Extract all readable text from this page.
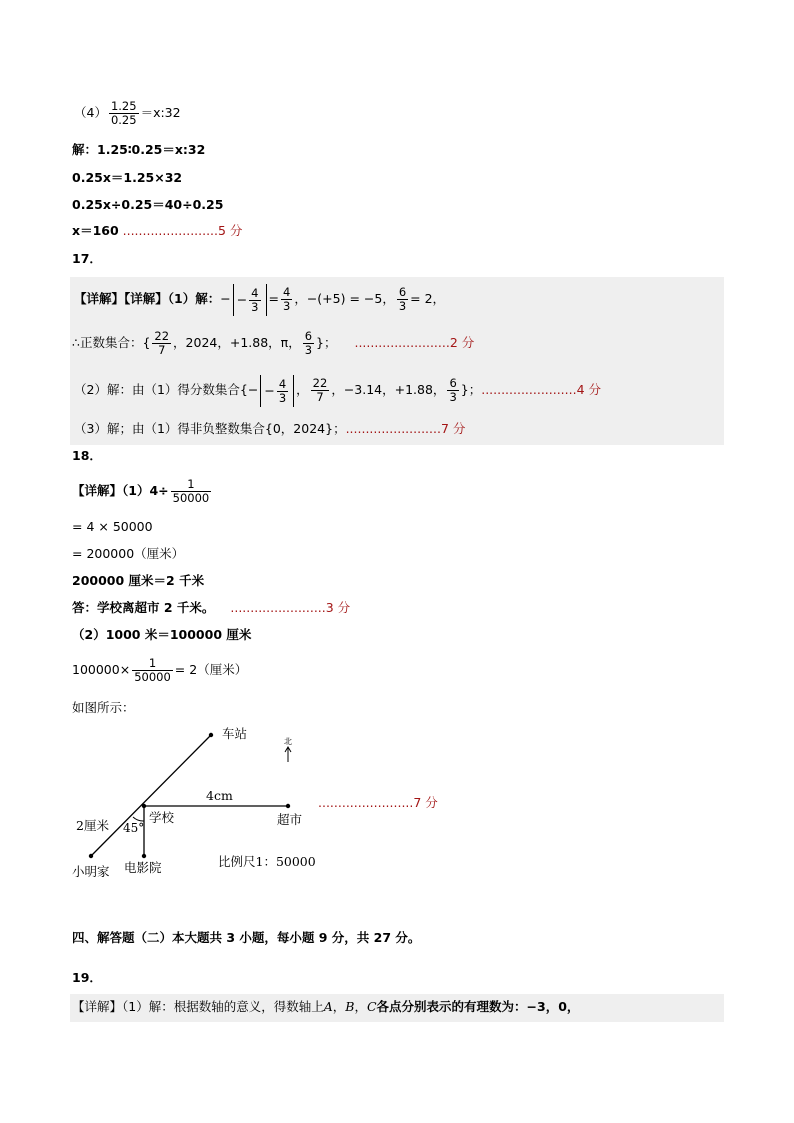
$(4) \frac{1.25}{0.25}$ ＝x:32
解：1.25∶0.25＝x:32
0.25x＝1.25×32
0.25x÷0.25＝40÷0.25
x＝160 ........................5 分
17．
【详解】【详解】（1）解：− − $\frac{4}{3} = \frac{4}{3}$ ，−(+5) = −5， $\frac{6}{3} = 2$，
∴正数集合：{ $\frac{22}{7}$ ，2024，+1.88，π， $\frac{6}{3}$ }； ........................2 分
（2）解：由（1）得分数集合{− − $\frac{4}{3}$ ， $\frac{22}{7}$ ，−3.14，+1.88， $\frac{6}{3}$ }；........................4 分
（3）解；由（1）得非负整数集合{0，2024}；........................7 分
18．
【详解】$(1)4\div \frac{1}{50000}$
= 4 × 50000
= 200000（厘米）
200000 厘米＝2 千米
答：学校离超市 2 千米。 ........................3 分
（2）1000 米＝100000 厘米
$100000\times \frac{1}{50000} = 2$（厘米）
如图所示：
车站
北
4cm
2厘米 45°
学校	超市
小明家 电影院	比例尺1：50000
........................7 分
四、解答题（二）本大题共 3 小题，每小题 9 分，共 27 分。
19．
【详解】（1）解：根据数轴的意义，得数轴上A，B，C各点分别表示的有理数为：−3，0，
